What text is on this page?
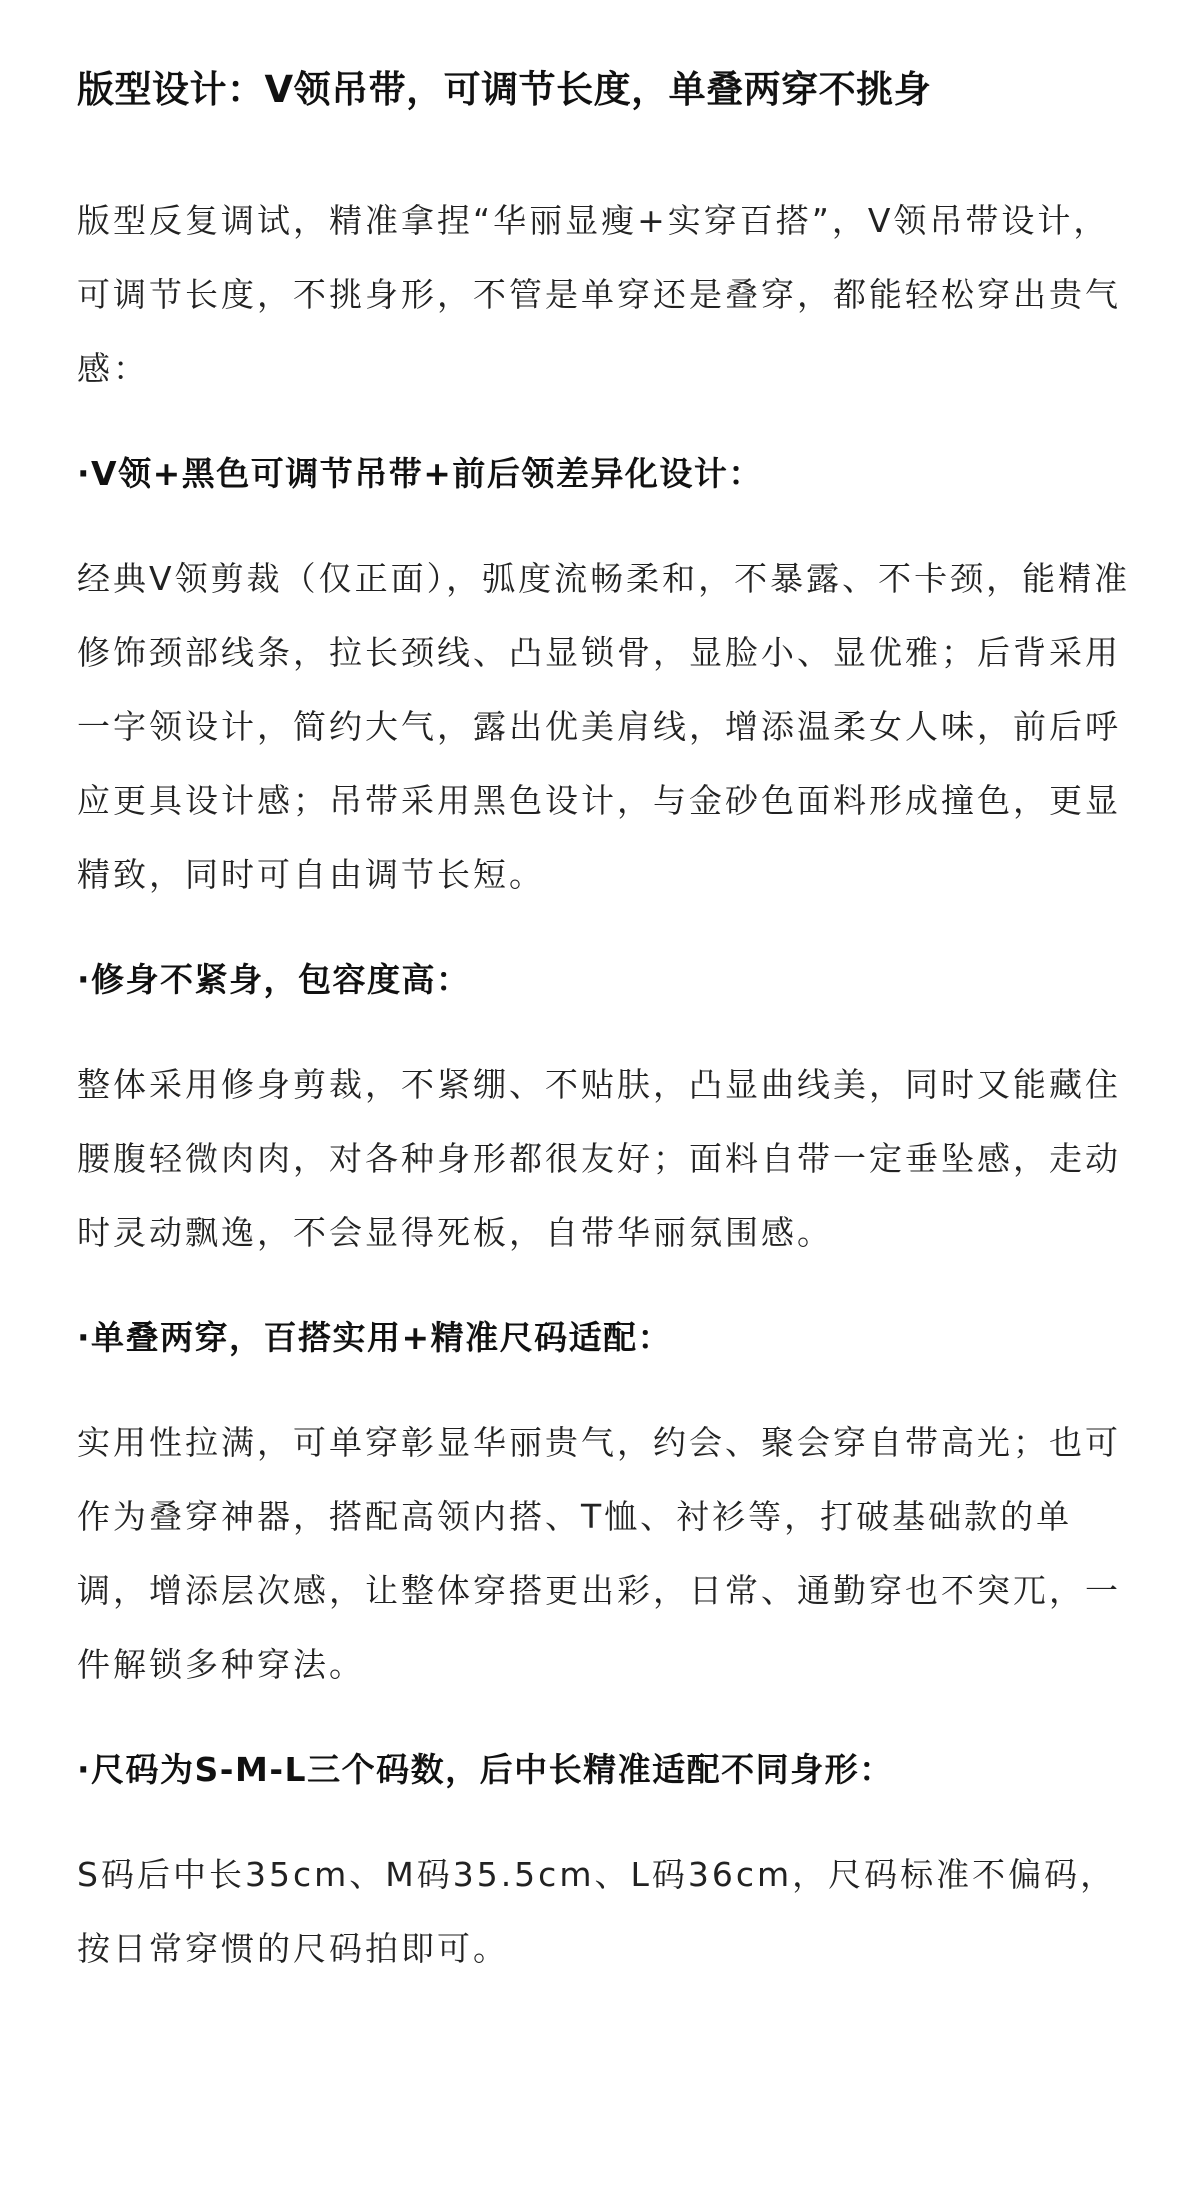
版型设计：V领吊带，可调节长度，单叠两穿不挑身

版型反复调试，精准拿捏“华丽显瘦+实穿百搭”，V领吊带设计，可调节长度，不挑身形，不管是单穿还是叠穿，都能轻松穿出贵气感：

·V领+黑色可调节吊带+前后领差异化设计：

经典V领剪裁（仅正面），弧度流畅柔和，不暴露、不卡颈，能精准修饰颈部线条，拉长颈线、凸显锁骨，显脸小、显优雅；后背采用一字领设计，简约大气，露出优美肩线，增添温柔女人味，前后呼应更具设计感；吊带采用黑色设计，与金砂色面料形成撞色，更显精致，同时可自由调节长短。

·修身不紧身，包容度高：

整体采用修身剪裁，不紧绷、不贴肤，凸显曲线美，同时又能藏住腰腹轻微肉肉，对各种身形都很友好；面料自带一定垂坠感，走动时灵动飘逸，不会显得死板，自带华丽氛围感。

·单叠两穿，百搭实用+精准尺码适配：

实用性拉满，可单穿彰显华丽贵气，约会、聚会穿自带高光；也可作为叠穿神器，搭配高领内搭、T恤、衬衫等，打破基础款的单调，增添层次感，让整体穿搭更出彩，日常、通勤穿也不突兀，一件解锁多种穿法。

·尺码为S-M-L三个码数，后中长精准适配不同身形：

S码后中长35cm、M码35.5cm、L码36cm，尺码标准不偏码，按日常穿惯的尺码拍即可。
